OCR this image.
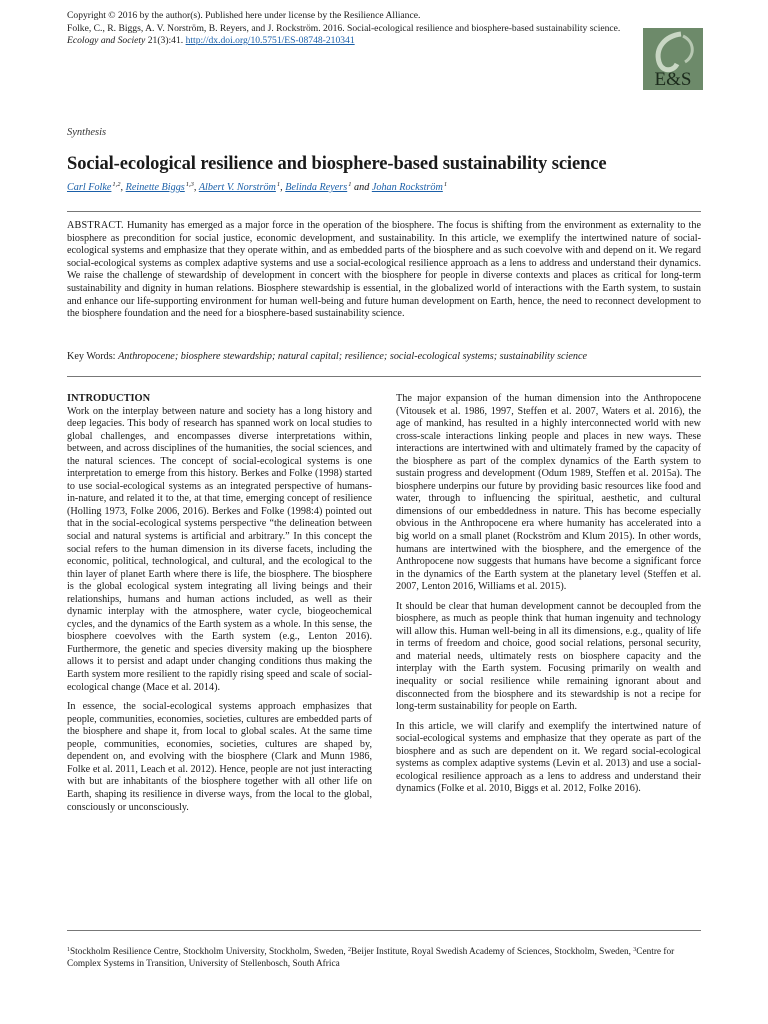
Copyright © 2016 by the author(s). Published here under license by the Resilience Alliance.
Folke, C., R. Biggs, A. V. Norström, B. Reyers, and J. Rockström. 2016. Social-ecological resilience and biosphere-based sustainability science. Ecology and Society 21(3):41. http://dx.doi.org/10.5751/ES-08748-210341
E&S
Synthesis
Social-ecological resilience and biosphere-based sustainability science
Carl Folke$^{1,2}$, Reinette Biggs$^{1,3}$, Albert V. Norström$^1$, Belinda Reyers$^1$ and Johan Rockström$^1$
ABSTRACT. Humanity has emerged as a major force in the operation of the biosphere. The focus is shifting from the environment as externality to the biosphere as precondition for social justice, economic development, and sustainability. In this article, we exemplify the intertwined nature of social-ecological systems and emphasize that they operate within, and as embedded parts of the biosphere and as such coevolve with and depend on it. We regard social-ecological systems as complex adaptive systems and use a social-ecological resilience approach as a lens to address and understand their dynamics. We raise the challenge of stewardship of development in concert with the biosphere for people in diverse contexts and places as critical for long-term sustainability and dignity in human relations. Biosphere stewardship is essential, in the globalized world of interactions with the Earth system, to sustain and enhance our life-supporting environment for human well-being and future human development on Earth, hence, the need to reconnect development to the biosphere foundation and the need for a biosphere-based sustainability science.
Key Words: Anthropocene; biosphere stewardship; natural capital; resilience; social-ecological systems; sustainability science
INTRODUCTION

Work on the interplay between nature and society has a long history and deep legacies. This body of research has spanned work on local studies to global challenges, and encompasses diverse interpretations within, between, and across disciplines of the humanities, the social sciences, and the natural sciences. The concept of social-ecological systems is one interpretation to emerge from this history. Berkes and Folke (1998) started to use social-ecological systems as an integrated perspective of humans-in-nature, and related it to the, at that time, emerging concept of resilience (Holling 1973, Folke 2006, 2016). Berkes and Folke (1998:4) pointed out that in the social-ecological systems perspective “the delineation between social and natural systems is artificial and arbitrary.” In this concept the social refers to the human dimension in its diverse facets, including the economic, political, technological, and cultural, and the ecological to the thin layer of planet Earth where there is life, the biosphere. The biosphere is the global ecological system integrating all living beings and their relationships, humans and human actions included, as well as their dynamic interplay with the atmosphere, water cycle, biogeochemical cycles, and the dynamics of the Earth system as a whole. In this sense, the biosphere coevolves with the Earth system (e.g., Lenton 2016). Furthermore, the genetic and species diversity making up the biosphere allows it to persist and adapt under changing conditions thus making the Earth system more resilient to the rapidly rising speed and scale of social-ecological change (Mace et al. 2014).

In essence, the social-ecological systems approach emphasizes that people, communities, economies, societies, cultures are embedded parts of the biosphere and shape it, from local to global scales. At the same time people, communities, economies, societies, cultures are shaped by, dependent on, and evolving with the biosphere (Clark and Munn 1986, Folke et al. 2011, Leach et al. 2012). Hence, people are not just interacting with but are inhabitants of the biosphere together with all other life on Earth, shaping its resilience in diverse ways, from the local to the global, consciously or unconsciously.

The major expansion of the human dimension into the Anthropocene (Vitousek et al. 1986, 1997, Steffen et al. 2007, Waters et al. 2016), the age of mankind, has resulted in a highly interconnected world with new cross-scale interactions linking people and places in new ways. These interactions are intertwined with and ultimately framed by the capacity of the biosphere as part of the complex dynamics of the Earth system to sustain progress and development (Odum 1989, Steffen et al. 2015a). The biosphere underpins our future by providing basic resources like food and water, through to influencing the spiritual, aesthetic, and cultural dimensions of our embeddedness in nature. This has become especially obvious in the Anthropocene era where humanity has accelerated into a big world on a small planet (Rockström and Klum 2015). In other words, humans are intertwined with the biosphere, and the emergence of the Anthropocene now suggests that humans have become a significant force in the dynamics of the Earth system at the planetary level (Steffen et al. 2007, Lenton 2016, Williams et al. 2015).

It should be clear that human development cannot be decoupled from the biosphere, as much as people think that human ingenuity and technology will allow this. Human well-being in all its dimensions, e.g., quality of life in terms of freedom and choice, good social relations, personal security, and material needs, ultimately rests on biosphere capacity and the interplay with the Earth system. Focusing primarily on wealth and inequality or social resilience while remaining ignorant about and disconnected from the biosphere and its stewardship is not a recipe for long-term sustainability for people on Earth.

In this article, we will clarify and exemplify the intertwined nature of social-ecological systems and emphasize that they operate as part of the biosphere and as such are dependent on it. We regard social-ecological systems as complex adaptive systems (Levin et al. 2013) and use a social-ecological resilience approach as a lens to address and understand their dynamics (Folke et al. 2010, Biggs et al. 2012, Folke 2016).

$^1$Stockholm Resilience Centre, Stockholm University, Stockholm, Sweden, $^2$Beijer Institute, Royal Swedish Academy of Sciences, Stockholm, Sweden, $^3$Centre for Complex Systems in Transition, University of Stellenbosch, South Africa
